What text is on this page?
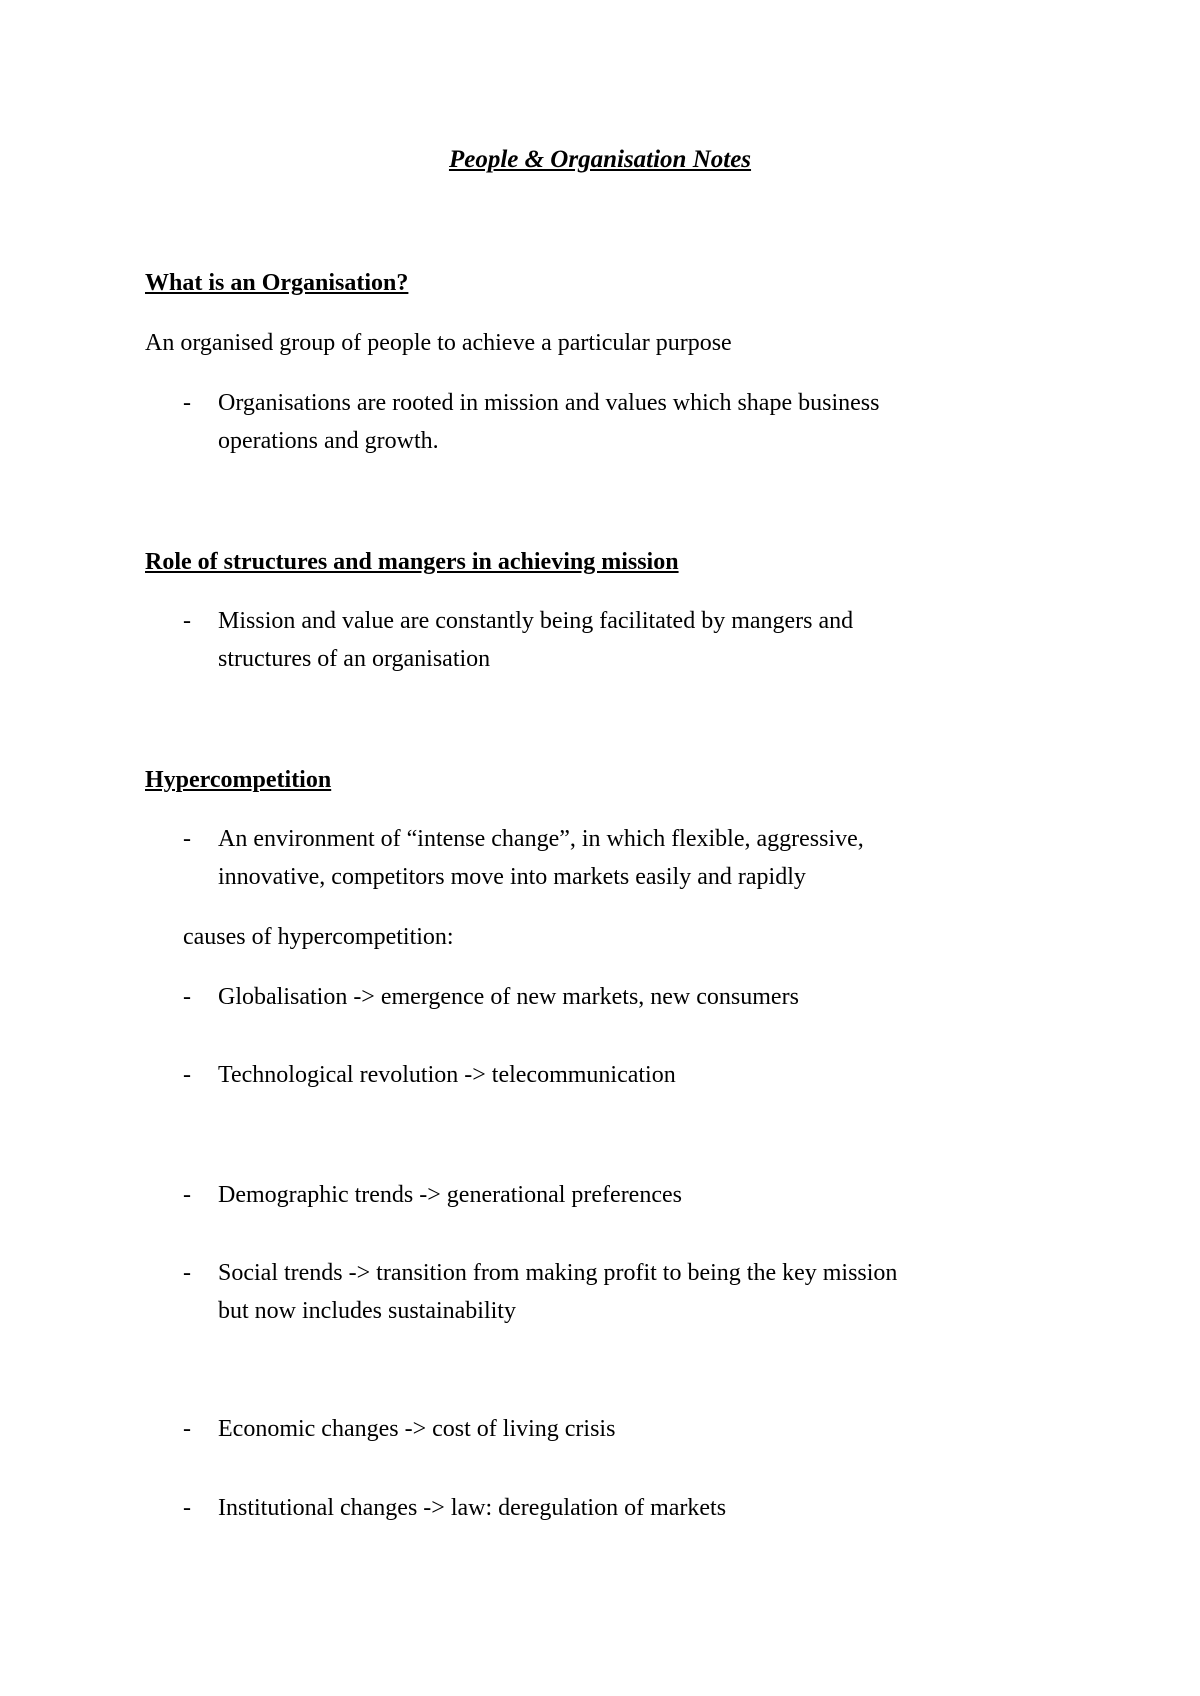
People & Organisation Notes

What is an Organisation?

An organised group of people to achieve a particular purpose

- Organisations are rooted in mission and values which shape business

operations and growth.

Role of structures and mangers in achieving mission

- Mission and value are constantly being facilitated by mangers and

structures of an organisation

Hypercompetition

- An environment of “intense change”, in which flexible, aggressive,

innovative, competitors move into markets easily and rapidly

causes of hypercompetition:

- Globalisation -> emergence of new markets, new consumers

- Technological revolution -> telecommunication

- Demographic trends -> generational preferences

- Social trends -> transition from making profit to being the key mission

but now includes sustainability

- Economic changes -> cost of living crisis

- Institutional changes -> law: deregulation of markets
